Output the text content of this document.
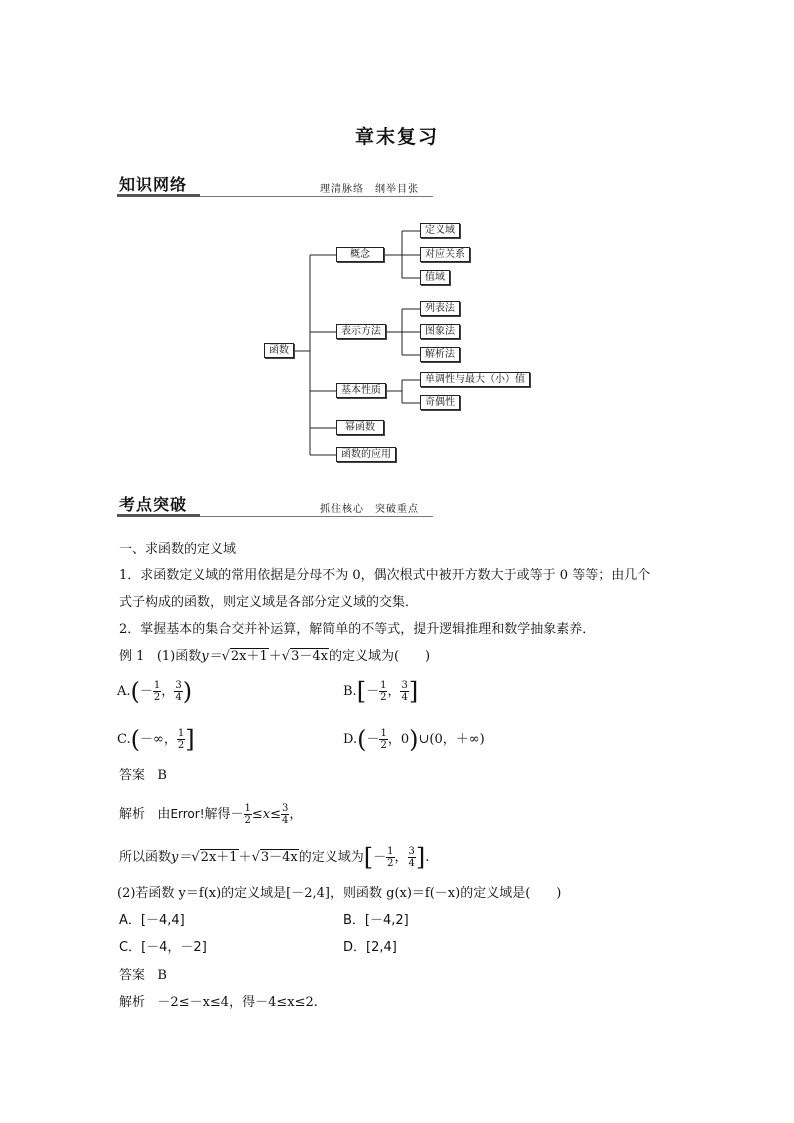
章末复习
知识网络	理清脉络　纲举目张
函数
概念
定义域
对应关系
值域
表示方法
列表法
图象法
解析法
基本性质
单调性与最大（小）值
奇偶性
幂函数
函数的应用
考点突破	抓住核心　突破重点
一、求函数的定义域
1．求函数定义域的常用依据是分母不为 0，偶次根式中被开方数大于或等于 0 等等；由几个
式子构成的函数，则定义域是各部分定义域的交集．
2．掌握基本的集合交并补运算，解简单的不等式，提升逻辑推理和数学抽象素养．
例 1 (1)函数y＝√2x＋1＋√3－4x的定义域为(　　)
$A.(- \frac{1}{2}$ ， $\frac{3}{4}$ )	$B.[- \frac{1}{2}$ ， $\frac{3}{4}$ ]
C.(－∞， $\frac{1}{2}$ ]	$D.(- \frac{1}{2}$ ，0)∪(0，＋∞)
答案 B
解析 由Error!解得－ $\frac{1}{2} \le x\le \frac{3}{4}$ ，
所以函数y＝√2x＋1＋√3－4x的定义域为[－ $\frac{1}{2}$ ， $\frac{3}{4}$ ].
(2)若函数 y＝f(x)的定义域是[－2,4]，则函数 g(x)＝f(－x)的定义域是(　　)
A．[－4,4]	B．[－4,2]
C．[－4，－2]	D．[2,4]
答案 B
解析 －2≤－x≤4，得－4≤x≤2.
